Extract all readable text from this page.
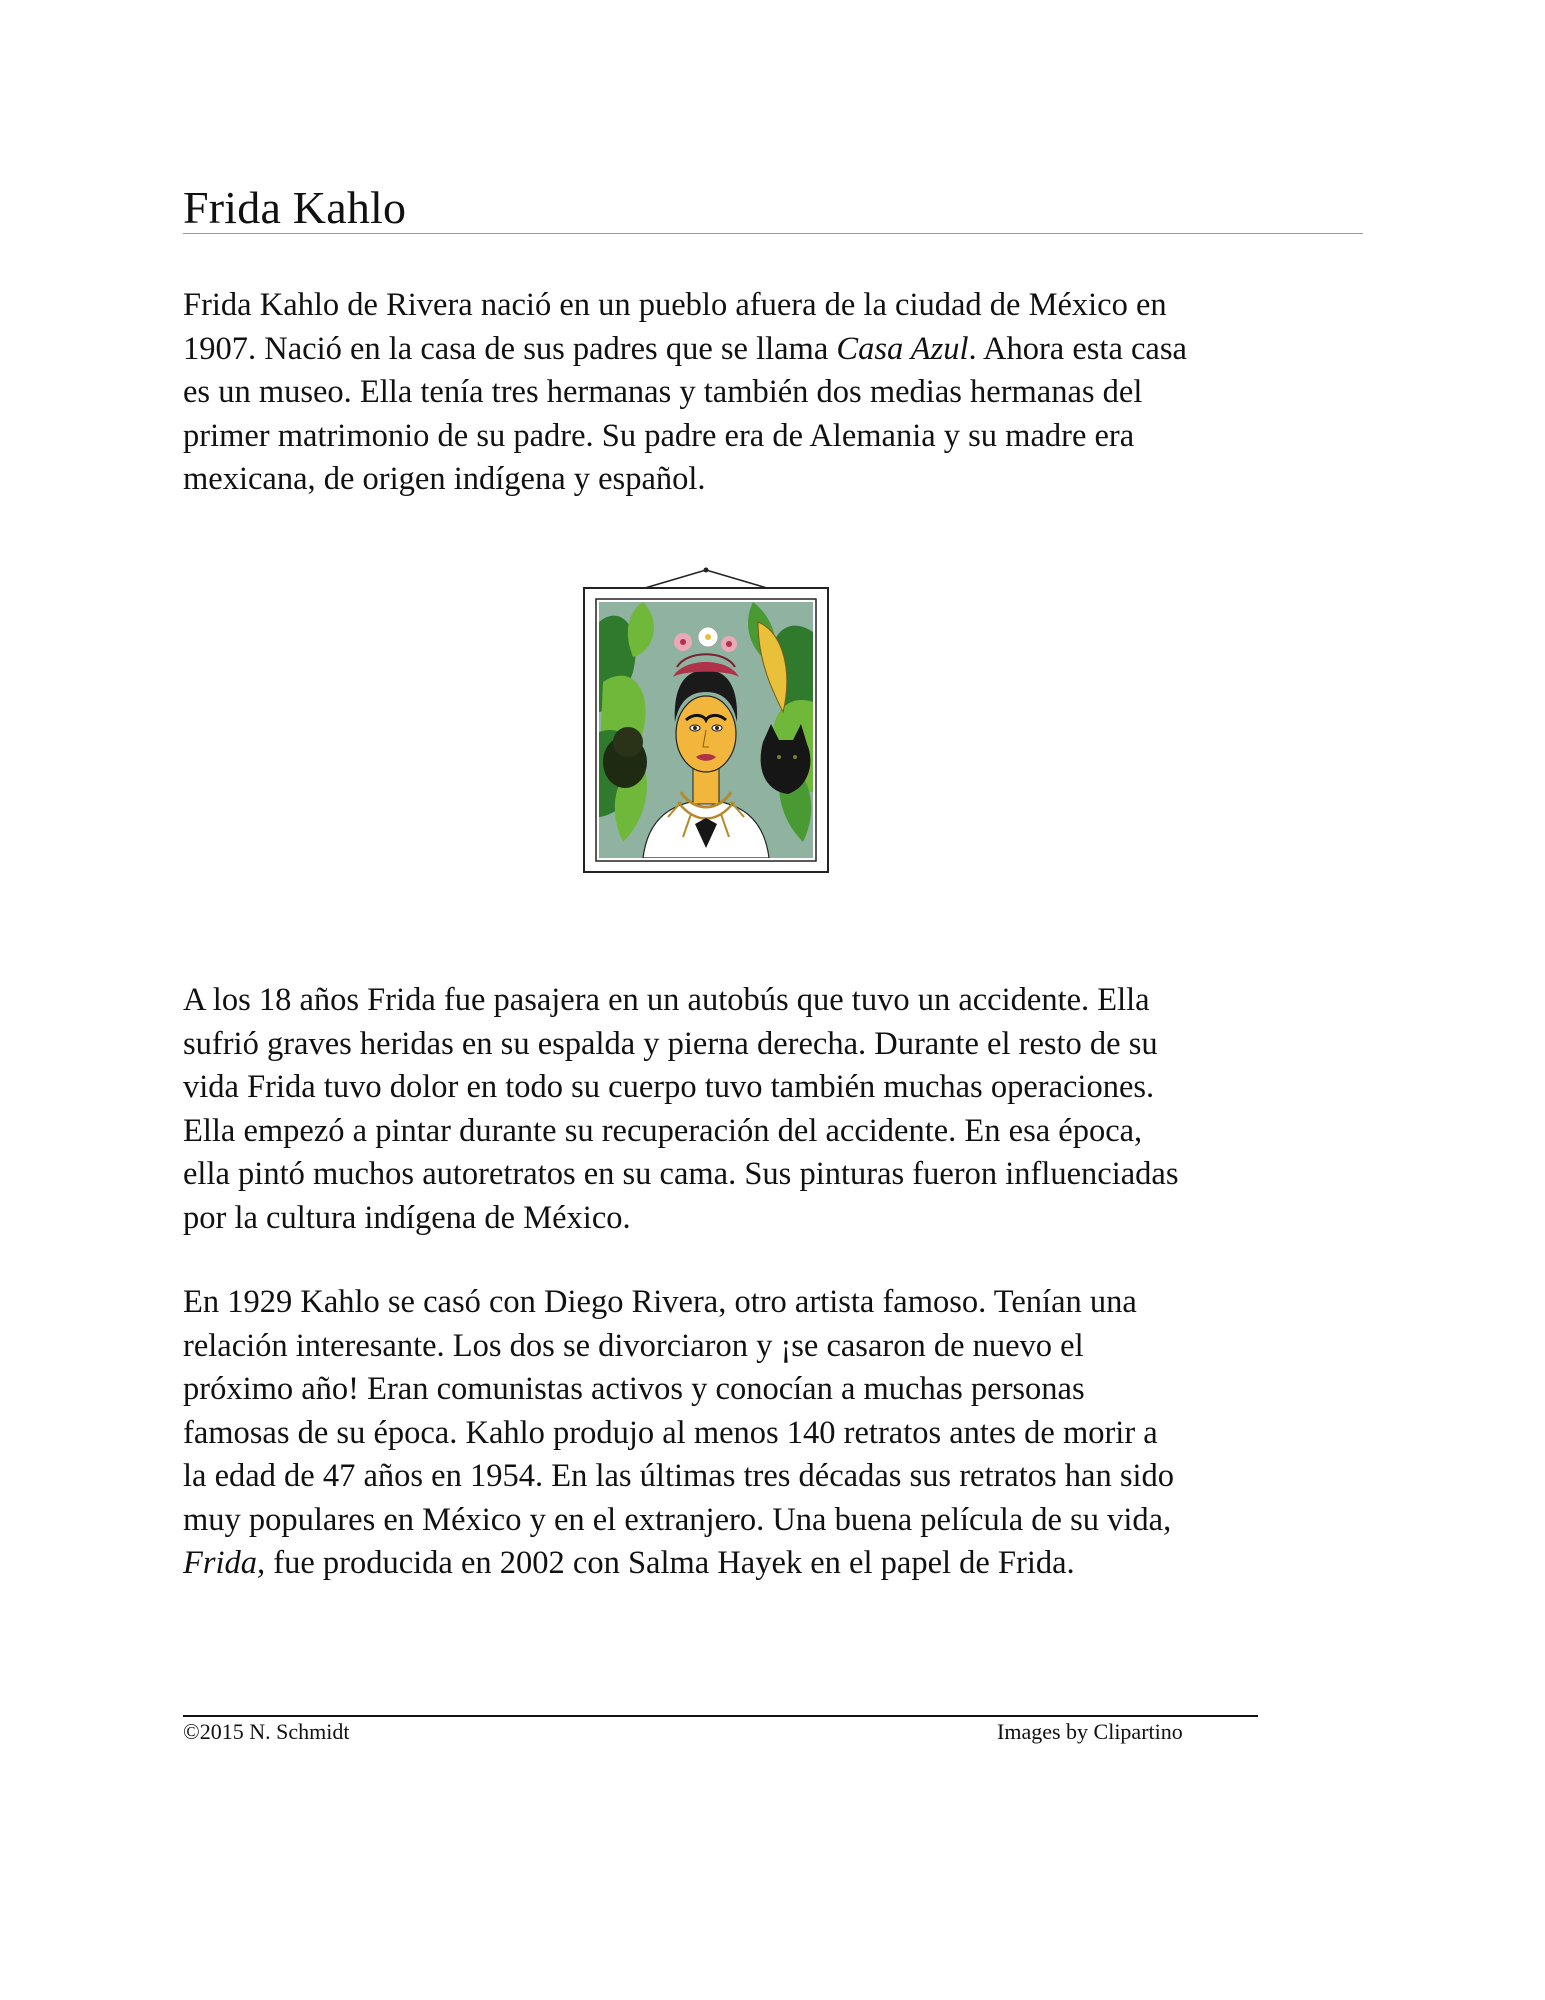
Frida Kahlo

Frida Kahlo de Rivera nació en un pueblo afuera de la ciudad de México en
1907. Nació en la casa de sus padres que se llama Casa Azul. Ahora esta casa
es un museo. Ella tenía tres hermanas y también dos medias hermanas del
primer matrimonio de su padre. Su padre era de Alemania y su madre era
mexicana, de origen indígena y español.

A los 18 años Frida fue pasajera en un autobús que tuvo un accidente. Ella
sufrió graves heridas en su espalda y pierna derecha. Durante el resto de su
vida Frida tuvo dolor en todo su cuerpo tuvo también muchas operaciones.
Ella empezó a pintar durante su recuperación del accidente. En esa época,
ella pintó muchos autoretratos en su cama. Sus pinturas fueron influenciadas
por la cultura indígena de México.

En 1929 Kahlo se casó con Diego Rivera, otro artista famoso. Tenían una
relación interesante. Los dos se divorciaron y ¡se casaron de nuevo el
próximo año! Eran comunistas activos y conocían a muchas personas
famosas de su época. Kahlo produjo al menos 140 retratos antes de morir a
la edad de 47 años en 1954. En las últimas tres décadas sus retratos han sido
muy populares en México y en el extranjero. Una buena película de su vida,
Frida, fue producida en 2002 con Salma Hayek en el papel de Frida.

©2015 N. Schmidt	Images by Clipartino
